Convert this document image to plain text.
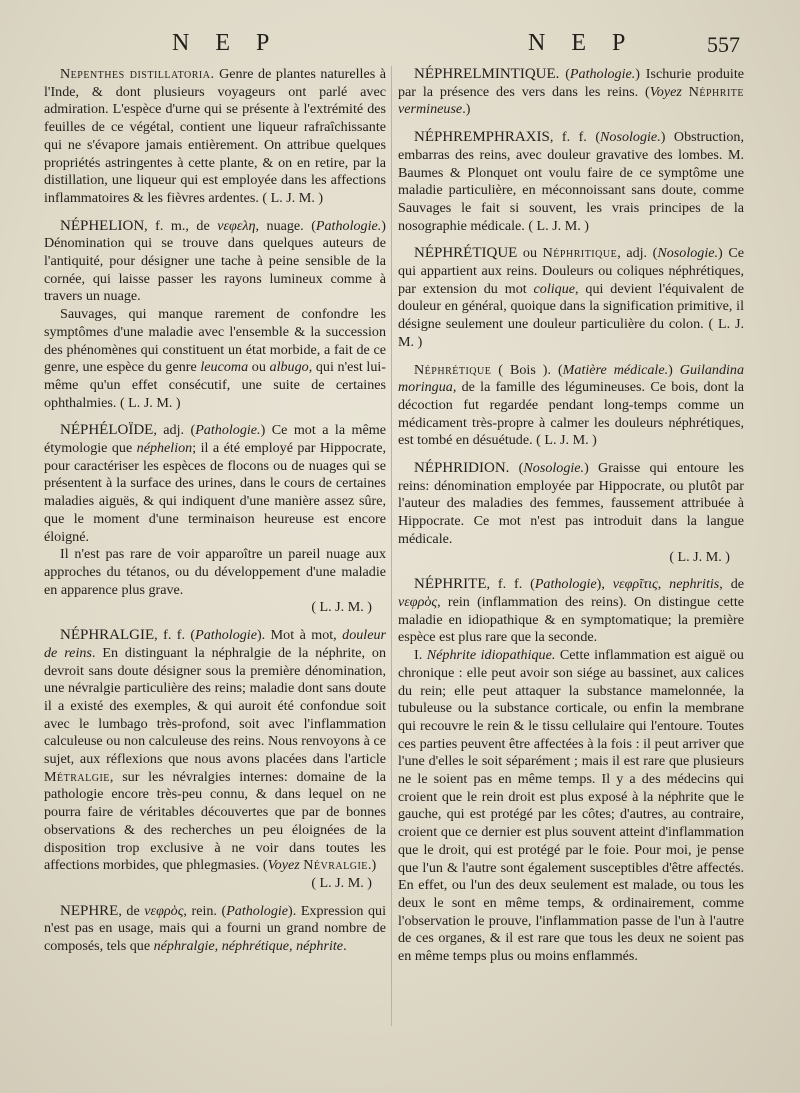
N E P	N E P	557

Nepenthes distillatoria. Genre de plantes naturelles à l'Inde, & dont plusieurs voyageurs ont parlé avec admiration. L'espèce d'urne qui se présente à l'extrémité des feuilles de ce végétal, contient une liqueur rafraîchissante qui ne s'évapore jamais entièrement. On attribue quelques propriétés astringentes à cette plante, & on en retire, par la distillation, une liqueur qui est employée dans les affections inflammatoires & les fièvres ardentes. ( L. J. M. )

NÉPHELION, f. m., de νεφελη, nuage. (Pathologie.) Dénomination qui se trouve dans quelques auteurs de l'antiquité, pour désigner une tache à peine sensible de la cornée, qui laisse passer les rayons lumineux comme à travers un nuage.

Sauvages, qui manque rarement de confondre les symptômes d'une maladie avec l'ensemble & la succession des phénomènes qui constituent un état morbide, a fait de ce genre, une espèce du genre leucoma ou albugo, qui n'est lui-même qu'un effet consécutif, une suite de certaines ophthalmies. ( L. J. M. )

NÉPHÉLOÏDE, adj. (Pathologie.) Ce mot a la même étymologie que néphelion; il a été employé par Hippocrate, pour caractériser les espèces de flocons ou de nuages qui se présentent à la surface des urines, dans le cours de certaines maladies aiguës, & qui indiquent d'une manière assez sûre, que le moment d'une terminaison heureuse est encore éloigné.

Il n'est pas rare de voir apparoître un pareil nuage aux approches du tétanos, ou du développement d'une maladie en apparence plus grave.

( L. J. M. )

NÉPHRALGIE, f. f. (Pathologie). Mot à mot, douleur de reins. En distinguant la néphralgie de la néphrite, on devroit sans doute désigner sous la première dénomination, une névralgie particulière des reins; maladie dont sans doute il a existé des exemples, & qui auroit été confondue soit avec le lumbago très-profond, soit avec l'inflammation calculeuse ou non calculeuse des reins. Nous renvoyons à ce sujet, aux réflexions que nous avons placées dans l'article Métralgie, sur les névralgies internes: domaine de la pathologie encore très-peu connu, & dans lequel on ne pourra faire de véritables découvertes que par de bonnes observations & des recherches un peu éloignées de la disposition trop exclusive à ne voir dans toutes les affections morbides, que phlegmasies. (Voyez Névralgie.)

( L. J. M. )

NEPHRE, de νεφρὸς, rein. (Pathologie). Expression qui n'est pas en usage, mais qui a fourni un grand nombre de composés, tels que néphralgie, néphrétique, néphrite.

NÉPHRELMINTIQUE. (Pathologie.) Ischurie produite par la présence des vers dans les reins. (Voyez Néphrite vermineuse.)

NÉPHREMPHRAXIS, f. f. (Nosologie.) Obstruction, embarras des reins, avec douleur gravative des lombes. M. Baumes & Plonquet ont voulu faire de ce symptôme une maladie particulière, en méconnoissant sans doute, comme Sauvages le fait si souvent, les vrais principes de la nosographie médicale. ( L. J. M. )

NÉPHRÉTIQUE ou Néphritique, adj. (Nosologie.) Ce qui appartient aux reins. Douleurs ou coliques néphrétiques, par extension du mot colique, qui devient l'équivalent de douleur en général, quoique dans la signification primitive, il désigne seulement une douleur particulière du colon. ( L. J. M. )

Néphrétique ( Bois ). (Matière médicale.) Guilandina moringua, de la famille des légumineuses. Ce bois, dont la décoction fut regardée pendant long-temps comme un médicament très-propre à calmer les douleurs néphrétiques, est tombé en désuétude. ( L. J. M. )

NÉPHRIDION. (Nosologie.) Graisse qui entoure les reins: dénomination employée par Hippocrate, ou plutôt par l'auteur des maladies des femmes, faussement attribuée à Hippocrate. Ce mot n'est pas introduit dans la langue médicale.

( L. J. M. )

NÉPHRITE, f. f. (Pathologie), νεφρῖτις, nephritis, de νεφρὸς, rein (inflammation des reins). On distingue cette maladie en idiopathique & en symptomatique; la première espèce est plus rare que la seconde.

I. Néphrite idiopathique. Cette inflammation est aiguë ou chronique : elle peut avoir son siége au bassinet, aux calices du rein; elle peut attaquer la substance mamelonnée, la tubuleuse ou la substance corticale, ou enfin la membrane qui recouvre le rein & le tissu cellulaire qui l'entoure. Toutes ces parties peuvent être affectées à la fois : il peut arriver que l'une d'elles le soit séparément ; mais il est rare que plusieurs ne le soient pas en même temps. Il y a des médecins qui croient que le rein droit est plus exposé à la néphrite que le gauche, qui est protégé par les côtes; d'autres, au contraire, croient que ce dernier est plus souvent atteint d'inflammation que le droit, qui est protégé par le foie. Pour moi, je pense que l'un & l'autre sont également susceptibles d'être affectés. En effet, ou l'un des deux seulement est malade, ou tous les deux le sont en même temps, & ordinairement, comme l'observation le prouve, l'inflammation passe de l'un à l'autre de ces organes, & il est rare que tous les deux ne soient pas en même temps plus ou moins enflammés.
